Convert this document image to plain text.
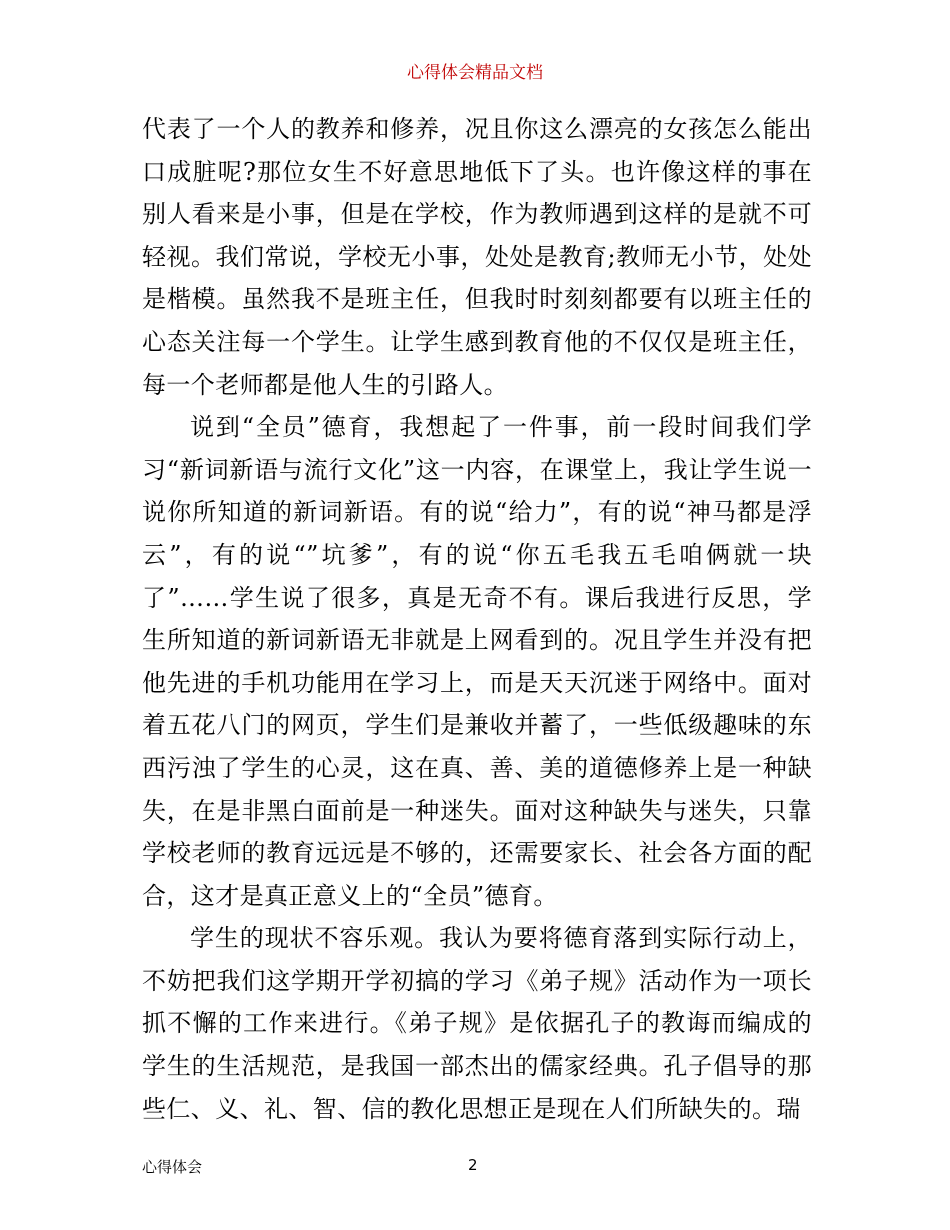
心得体会精品文档

代表了一个人的教养和修养，况且你这么漂亮的女孩怎么能出口成脏呢?那位女生不好意思地低下了头。也许像这样的事在别人看来是小事，但是在学校，作为教师遇到这样的是就不可轻视。我们常说，学校无小事，处处是教育;教师无小节，处处是楷模。虽然我不是班主任，但我时时刻刻都要有以班主任的心态关注每一个学生。让学生感到教育他的不仅仅是班主任，每一个老师都是他人生的引路人。

说到“全员”德育，我想起了一件事，前一段时间我们学习“新词新语与流行文化”这一内容，在课堂上，我让学生说一说你所知道的新词新语。有的说“给力”，有的说“神马都是浮云”，有的说“”坑爹”，有的说“你五毛我五毛咱俩就一块了”……学生说了很多，真是无奇不有。课后我进行反思，学生所知道的新词新语无非就是上网看到的。况且学生并没有把他先进的手机功能用在学习上，而是天天沉迷于网络中。面对着五花八门的网页，学生们是兼收并蓄了，一些低级趣味的东西污浊了学生的心灵，这在真、善、美的道德修养上是一种缺失，在是非黑白面前是一种迷失。面对这种缺失与迷失，只靠学校老师的教育远远是不够的，还需要家长、社会各方面的配合，这才是真正意义上的“全员”德育。

学生的现状不容乐观。我认为要将德育落到实际行动上，不妨把我们这学期开学初搞的学习《弟子规》活动作为一项长抓不懈的工作来进行。《弟子规》是依据孔子的教诲而编成的学生的生活规范，是我国一部杰出的儒家经典。孔子倡导的那些仁、义、礼、智、信的教化思想正是现在人们所缺失的。瑞

心得体会	2
